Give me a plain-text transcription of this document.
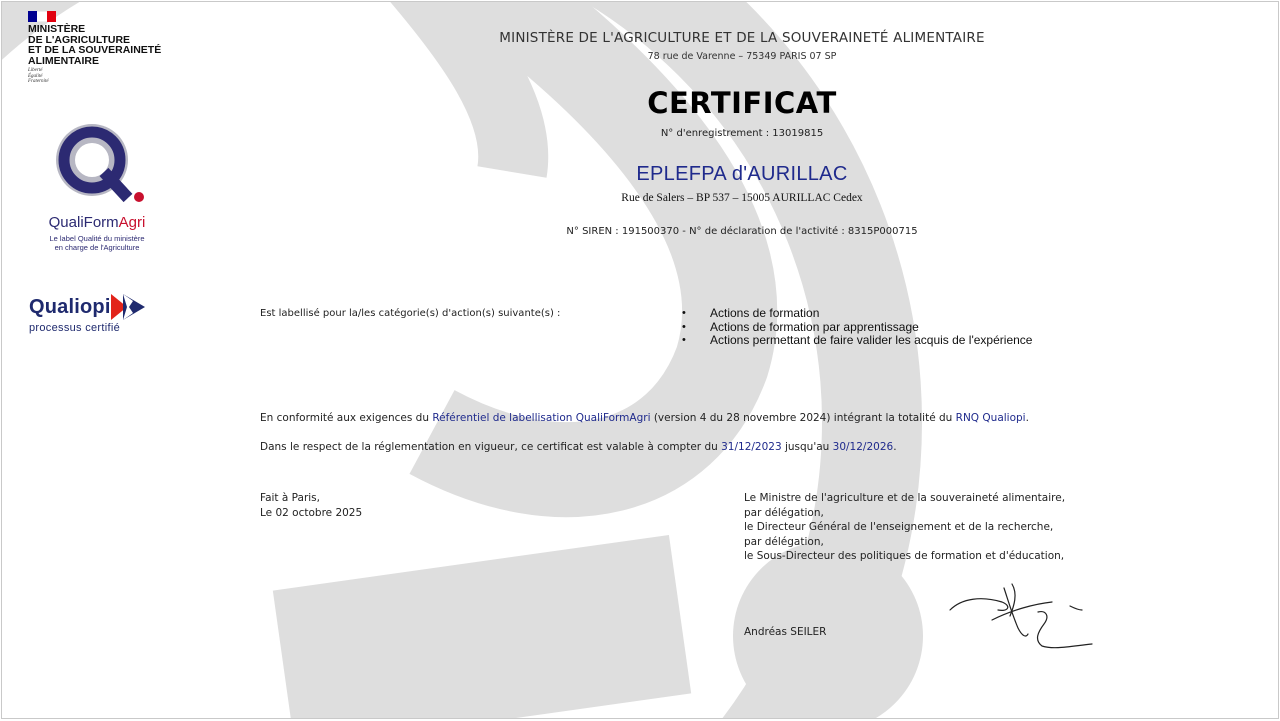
MINISTÈRE
DE L'AGRICULTURE
ET DE LA SOUVERAINETÉ
ALIMENTAIRE
Liberté
Égalité
Fraternité
QualiFormAgri
Le label Qualité du ministère
en charge de l'Agriculture
Qualiopi
processus certifié
MINISTÈRE DE L'AGRICULTURE ET DE LA SOUVERAINETÉ ALIMENTAIRE
78 rue de Varenne – 75349 PARIS 07 SP
CERTIFICAT
N° d'enregistrement : 13019815
EPLEFPA d'AURILLAC
Rue de Salers – BP 537 – 15005 AURILLAC Cedex
N° SIREN : 191500370 - N° de déclaration de l'activité : 8315P000715
Est labellisé pour la/les catégorie(s) d'action(s) suivante(s) :	•	Actions de formation
•	Actions de formation par apprentissage
•	Actions permettant de faire valider les acquis de l'expérience
En conformité aux exigences du Référentiel de labellisation QualiFormAgri (version 4 du 28 novembre 2024) intégrant la totalité du RNQ Qualiopi.
Dans le respect de la réglementation en vigueur, ce certificat est valable à compter du 31/12/2023 jusqu'au 30/12/2026.
Fait à Paris,
Le 02 octobre 2025
Le Ministre de l'agriculture et de la souveraineté alimentaire,
par délégation,
le Directeur Général de l'enseignement et de la recherche,
par délégation,
le Sous-Directeur des politiques de formation et d'éducation,
Andréas SEILER
